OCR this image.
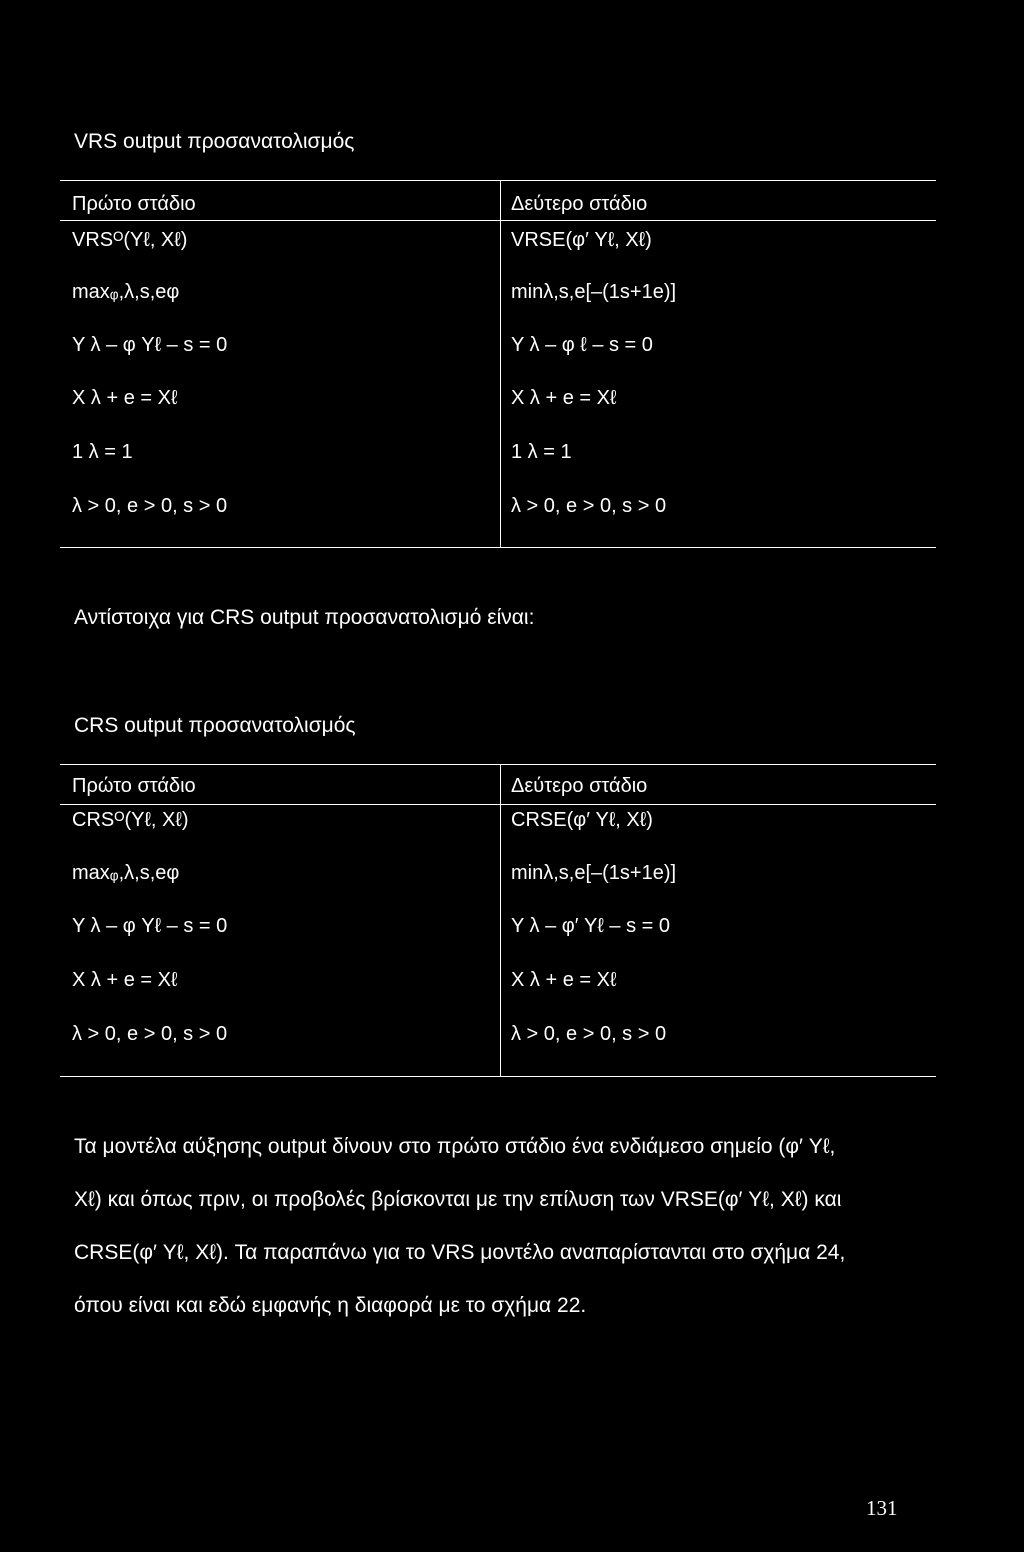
VRS output προσανατολισμός
Πρώτο στάδιο	Δεύτερο στάδιο
VRSᴼ(Yℓ, Xℓ)
maxᵩ,λ,s,eφ
Y λ – φ Yℓ – s = 0
X λ + e = Xℓ
1 λ = 1
λ > 0, e > 0, s > 0
VRSE(φ′ Yℓ, Xℓ)
minλ,s,e[–(1s+1e)]
Y λ – φ ℓ – s = 0
X λ + e = Xℓ
1 λ = 1
λ > 0, e > 0, s > 0
Αντίστοιχα για CRS output προσανατολισμό είναι:
CRS output προσανατολισμός
Πρώτο στάδιο	Δεύτερο στάδιο
CRSᴼ(Yℓ, Xℓ)
maxᵩ,λ,s,eφ
Y λ – φ Yℓ – s = 0
X λ + e = Xℓ
λ > 0, e > 0, s > 0
CRSE(φ′ Yℓ, Xℓ)
minλ,s,e[–(1s+1e)]
Y λ – φ′ Yℓ – s = 0
X λ + e = Xℓ
λ > 0, e > 0, s > 0
Τα μοντέλα αύξησης output δίνουν στο πρώτο στάδιο ένα ενδιάμεσο σημείο (φ′ Yℓ,
Xℓ) και όπως πριν, οι προβολές βρίσκονται με την επίλυση των VRSE(φ′ Yℓ, Xℓ) και
CRSE(φ′ Yℓ, Xℓ). Τα παραπάνω για το VRS μοντέλο αναπαρίστανται στο σχήμα 24,
όπου είναι και εδώ εμφανής η διαφορά με το σχήμα 22.
131
